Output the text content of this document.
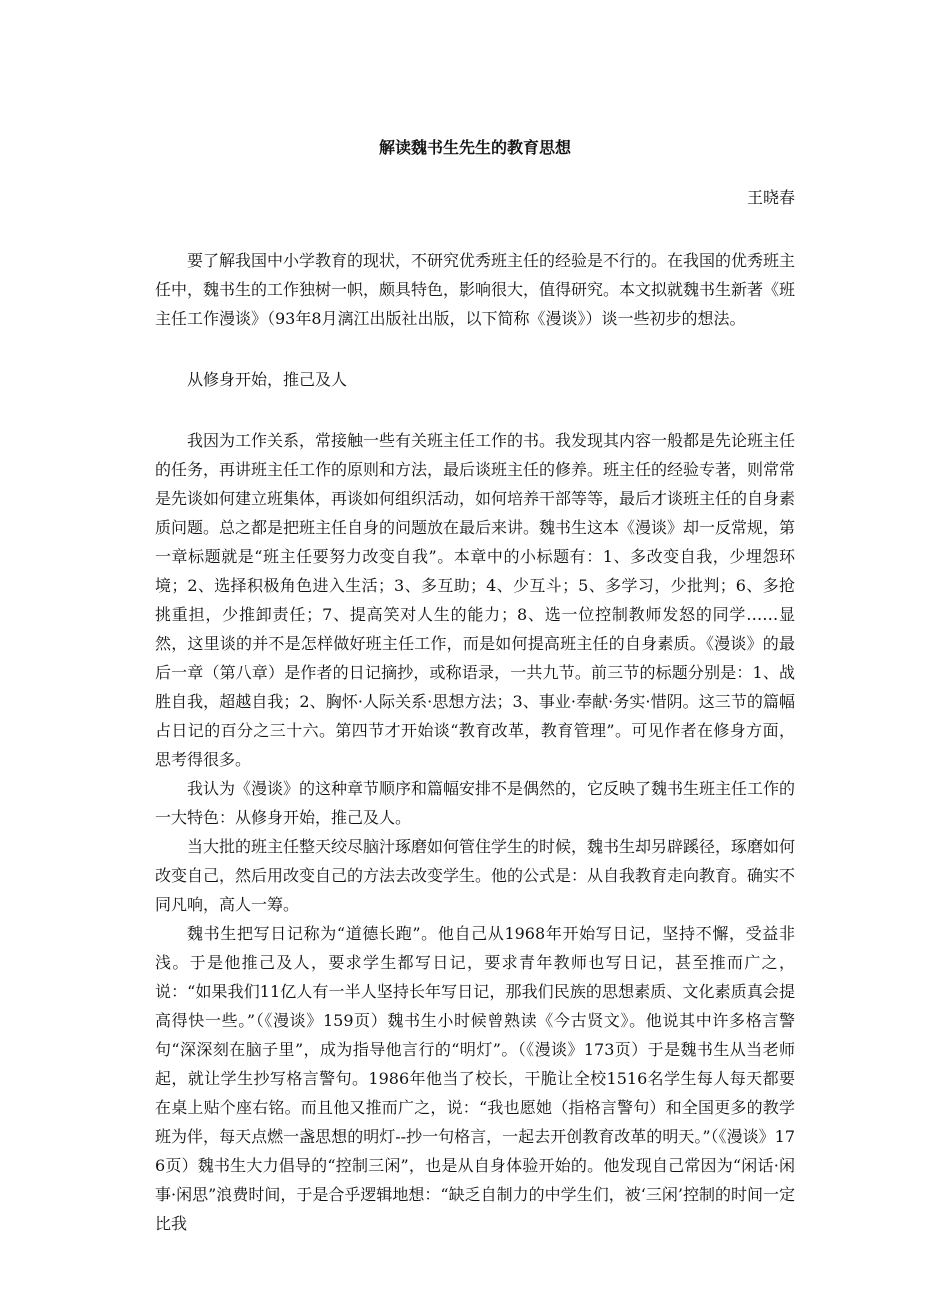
解读魏书生先生的教育思想
王晓春

要了解我国中小学教育的现状，不研究优秀班主任的经验是不行的。在我国的优秀班主任中，魏书生的工作独树一帜，颇具特色，影响很大，值得研究。本文拟就魏书生新著《班主任工作漫谈》（93年8月漓江出版社出版，以下简称《漫谈》）谈一些初步的想法。

从修身开始，推己及人

我因为工作关系，常接触一些有关班主任工作的书。我发现其内容一般都是先论班主任的任务，再讲班主任工作的原则和方法，最后谈班主任的修养。班主任的经验专著，则常常是先谈如何建立班集体，再谈如何组织活动，如何培养干部等等，最后才谈班主任的自身素质问题。总之都是把班主任自身的问题放在最后来讲。魏书生这本《漫谈》却一反常规，第一章标题就是“班主任要努力改变自我”。本章中的小标题有：1、多改变自我，少埋怨环境；2、选择积极角色进入生活；3、多互助；4、少互斗；5、多学习，少批判；6、多抢挑重担，少推卸责任；7、提高笑对人生的能力；8、选一位控制教师发怒的同学……显然，这里谈的并不是怎样做好班主任工作，而是如何提高班主任的自身素质。《漫谈》的最后一章（第八章）是作者的日记摘抄，或称语录，一共九节。前三节的标题分别是：1、战胜自我，超越自我；2、胸怀·人际关系·思想方法；3、事业·奉献·务实·惜阴。这三节的篇幅占日记的百分之三十六。第四节才开始谈“教育改革，教育管理”。可见作者在修身方面，思考得很多。

我认为《漫谈》的这种章节顺序和篇幅安排不是偶然的，它反映了魏书生班主任工作的一大特色：从修身开始，推己及人。

当大批的班主任整天绞尽脑汁琢磨如何管住学生的时候，魏书生却另辟蹊径，琢磨如何改变自己，然后用改变自己的方法去改变学生。他的公式是：从自我教育走向教育。确实不同凡响，高人一筹。

魏书生把写日记称为“道德长跑”。他自己从1968年开始写日记，坚持不懈，受益非浅。于是他推己及人，要求学生都写日记，要求青年教师也写日记，甚至推而广之，说：“如果我们11亿人有一半人坚持长年写日记，那我们民族的思想素质、文化素质真会提高得快一些。”（《漫谈》159页）魏书生小时候曾熟读《今古贤文》。他说其中许多格言警句“深深刻在脑子里”，成为指导他言行的“明灯”。（《漫谈》173页）于是魏书生从当老师起，就让学生抄写格言警句。1986年他当了校长，干脆让全校1516名学生每人每天都要在桌上贴个座右铭。而且他又推而广之，说：“我也愿她（指格言警句）和全国更多的教学班为伴，每天点燃一盏思想的明灯--抄一句格言，一起去开创教育改革的明天。”（《漫谈》176页）魏书生大力倡导的“控制三闲”，也是从自身体验开始的。他发现自己常因为“闲话·闲事·闲思”浪费时间，于是合乎逻辑地想：“缺乏自制力的中学生们，被‘三闲’控制的时间一定比我
